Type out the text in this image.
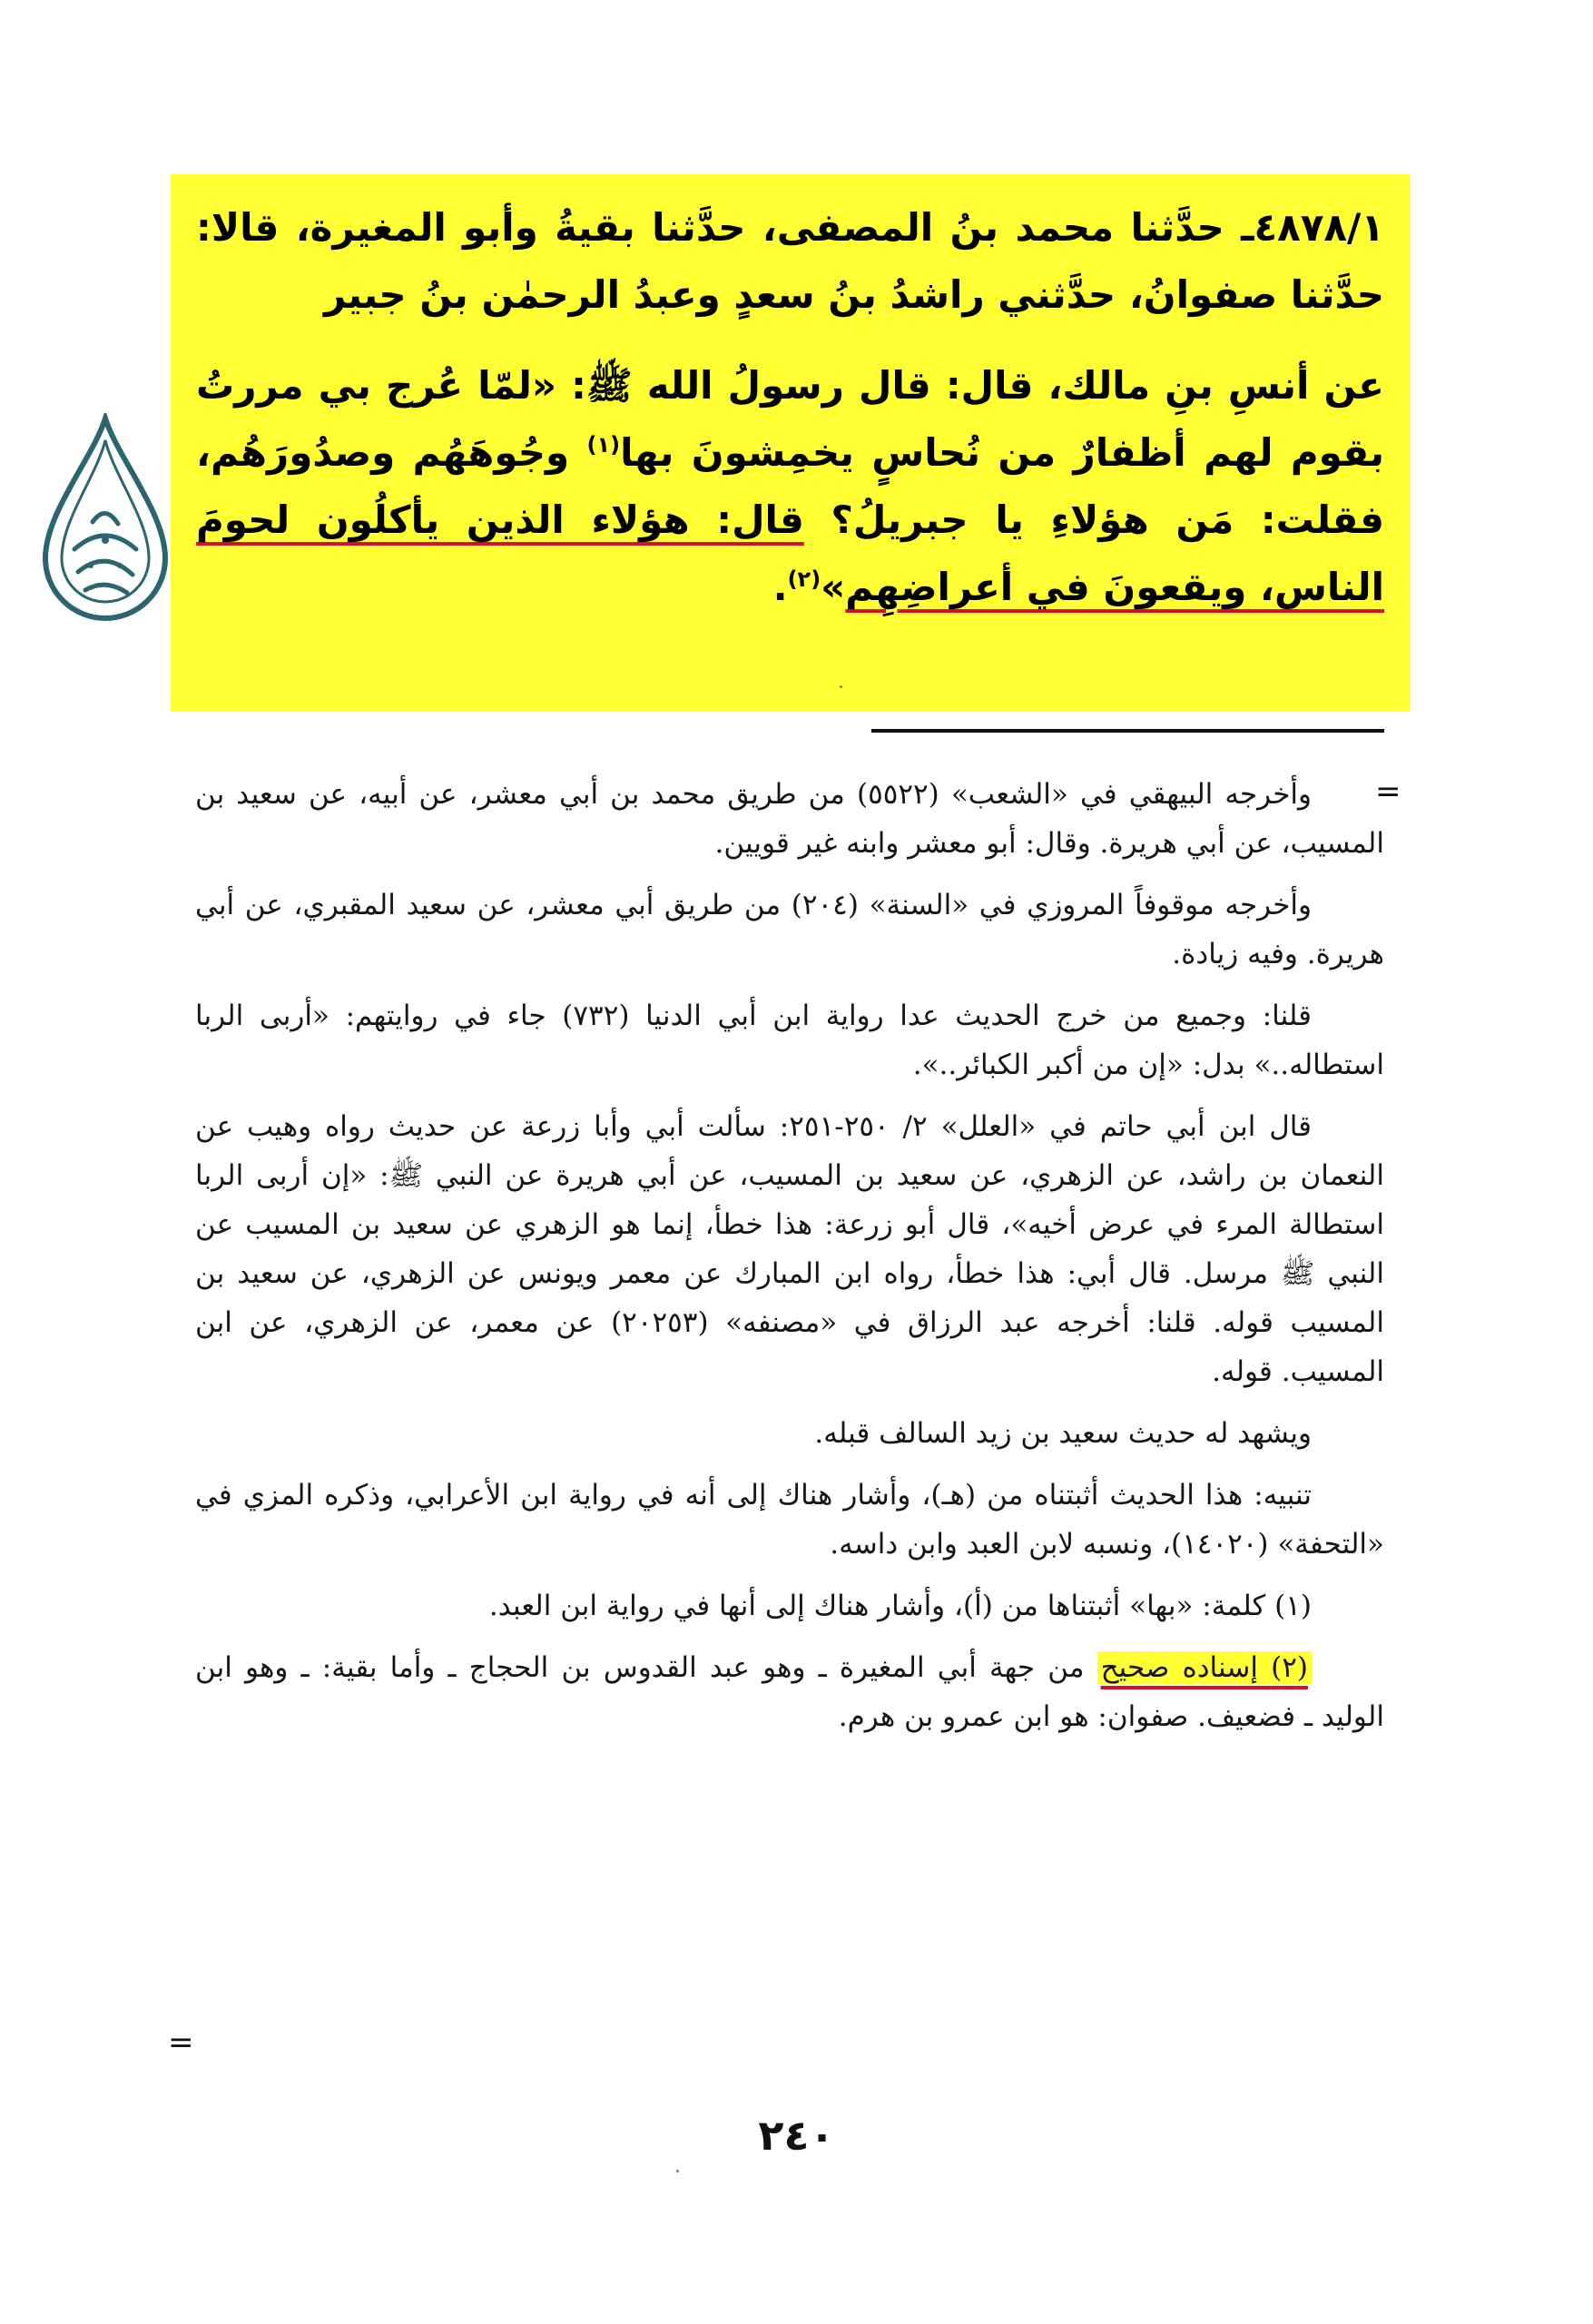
٤٨٧٨/١ـ حدَّثنا محمد بنُ المصفى، حدَّثنا بقيةُ وأبو المغيرة، قالا: حدَّثنا صفوانُ، حدَّثني راشدُ بنُ سعدٍ وعبدُ الرحمٰن بنُ جبير

عن أنسِ بنِ مالك، قال: قال رسولُ الله ﷺ: «لمّا عُرج بي مررتُ بقوم لهم أظفارٌ من نُحاسٍ يخمِشونَ بها$^{(١)}$ وجُوهَهُم وصدُورَهُم، فقلت: مَن هؤلاءِ يا جبريلُ؟ قال: هؤلاء الذين يأكلُون لحومَ الناس، ويقعونَ في أعراضِهِم»$^{(٢)}$.

=

وأخرجه البيهقي في «الشعب» (٥٥٢٢) من طريق محمد بن أبي معشر، عن أبيه، عن سعيد بن المسيب، عن أبي هريرة. وقال: أبو معشر وابنه غير قويين.

وأخرجه موقوفاً المروزي في «السنة» (٢٠٤) من طريق أبي معشر، عن سعيد المقبري، عن أبي هريرة. وفيه زيادة.

قلنا: وجميع من خرج الحديث عدا رواية ابن أبي الدنيا (٧٣٢) جاء في روايتهم: «أربى الربا استطاله..» بدل: «إن من أكبر الكبائر..».

قال ابن أبي حاتم في «العلل» ٢/ ٢٥٠-٢٥١: سألت أبي وأبا زرعة عن حديث رواه وهيب عن النعمان بن راشد، عن الزهري، عن سعيد بن المسيب، عن أبي هريرة عن النبي ﷺ: «إن أربى الربا استطالة المرء في عرض أخيه»، قال أبو زرعة: هذا خطأ، إنما هو الزهري عن سعيد بن المسيب عن النبي ﷺ مرسل. قال أبي: هذا خطأ، رواه ابن المبارك عن معمر ويونس عن الزهري، عن سعيد بن المسيب قوله. قلنا: أخرجه عبد الرزاق في «مصنفه» (٢٠٢٥٣) عن معمر، عن الزهري، عن ابن المسيب. قوله.

ويشهد له حديث سعيد بن زيد السالف قبله.

تنبيه: هذا الحديث أثبتناه من (هـ)، وأشار هناك إلى أنه في رواية ابن الأعرابي، وذكره المزي في «التحفة» (١٤٠٢٠)، ونسبه لابن العبد وابن داسه.

(١) كلمة: «بها» أثبتناها من (أ)، وأشار هناك إلى أنها في رواية ابن العبد.

(٢) إسناده صحيح من جهة أبي المغيرة ـ وهو عبد القدوس بن الحجاج ـ وأما بقية: ـ وهو ابن الوليد ـ فضعيف. صفوان: هو ابن عمرو بن هرم.

=
٢٤٠
